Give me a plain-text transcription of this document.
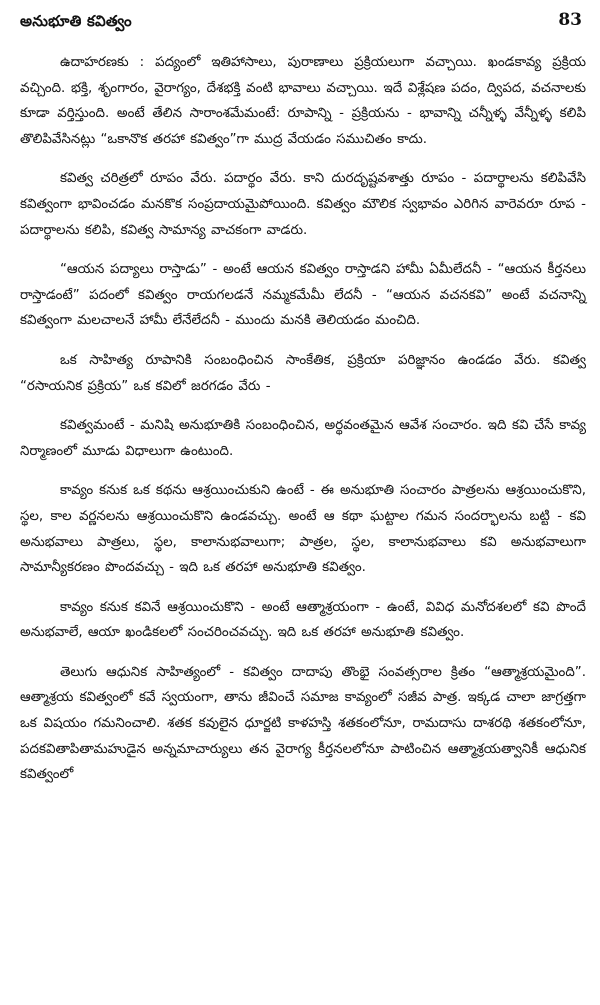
అనుభూతి కవిత్వం	83

ఉదాహరణకు : పద్యంలో ఇతిహాసాలు, పురాణాలు ప్రక్రియలుగా వచ్చాయి. ఖండకావ్య ప్రక్రియ వచ్చింది. భక్తి, శృంగారం, వైరాగ్యం, దేశభక్తి వంటి భావాలు వచ్చాయి. ఇదే విశ్లేషణ పదం, ద్విపద, వచనాలకు కూడా వర్తిస్తుంది. అంటే తేలిన సారాంశమేమంటే: రూపాన్ని - ప్రక్రియను - భావాన్ని చన్నీళ్ళ వేన్నీళ్ళ కలిపి తొలిపివేసినట్లు “ఒకానొక తరహా కవిత్వం”గా ముద్ర వేయడం సముచితం కాదు.

కవిత్వ చరిత్రలో రూపం వేరు. పదార్థం వేరు. కాని దురదృష్టవశాత్తు రూపం - పదార్థాలను కలిపివేసి కవిత్వంగా భావించడం మనకొక సంప్రదాయమైపోయింది. కవిత్వం మౌలిక స్వభావం ఎరిగిన వారెవరూ రూప - పదార్థాలను కలిపి, కవిత్వ సామాన్య వాచకంగా వాడరు.

“ఆయన పద్యాలు రాస్తాడు” - అంటే ఆయన కవిత్వం రాస్తాడని హామీ ఏమీలేదనీ - “ఆయన కీర్తనలు రాస్తాడంటే” పదంలో కవిత్వం రాయగలడనే నమ్మకమేమీ లేదనీ - “ఆయన వచనకవి” అంటే వచనాన్ని కవిత్వంగా మలచాలనే హామీ లేనేలేదనీ - ముందు మనకి తెలియడం మంచిది.

ఒక సాహిత్య రూపానికి సంబంధించిన సాంకేతిక, ప్రక్రియా పరిజ్ఞానం ఉండడం వేరు. కవిత్వ “రసాయనిక ప్రక్రియ” ఒక కవిలో జరగడం వేరు -

కవిత్వమంటే - మనిషి అనుభూతికి సంబంధించిన, అర్థవంతమైన ఆవేశ సంచారం. ఇది కవి చేసే కావ్య నిర్మాణంలో మూడు విధాలుగా ఉంటుంది.

కావ్యం కనుక ఒక కథను ఆశ్రయించుకుని ఉంటే - ఈ అనుభూతి సంచారం పాత్రలను ఆశ్రయించుకొని, స్థల, కాల వర్ణనలను ఆశ్రయించుకొని ఉండవచ్చు. అంటే ఆ కథా ఘట్టాల గమన సందర్భాలను బట్టి - కవి అనుభవాలు పాత్రలు, స్థల, కాలానుభవాలుగా; పాత్రల, స్థల, కాలానుభవాలు కవి అనుభవాలుగా సామాన్యీకరణం పొందవచ్చు - ఇది ఒక తరహా అనుభూతి కవిత్వం.

కావ్యం కనుక కవినే ఆశ్రయించుకొని - అంటే ఆత్మాశ్రయంగా - ఉంటే, వివిధ మనోదశలలో కవి పొందే అనుభవాలే, ఆయా ఖండికలలో సంచరించవచ్చు. ఇది ఒక తరహా అనుభూతి కవిత్వం.

తెలుగు ఆధునిక సాహిత్యంలో - కవిత్వం దాదాపు తొంభై సంవత్సరాల క్రితం “ఆత్మాశ్రయమైంది”. ఆత్మాశ్రయ కవిత్వంలో కవే స్వయంగా, తాను జీవించే సమాజ కావ్యంలో సజీవ పాత్ర. ఇక్కడ చాలా జాగ్రత్తగా ఒక విషయం గమనించాలి. శతక కవులైన ధూర్జటి కాళహస్తి శతకంలోనూ, రామదాసు దాశరథి శతకంలోనూ, పదకవితాపితామహుడైన అన్నమాచార్యులు తన వైరాగ్య కీర్తనలలోనూ పాటించిన ఆత్మాశ్రయత్వానికీ ఆధునిక కవిత్వంలో
